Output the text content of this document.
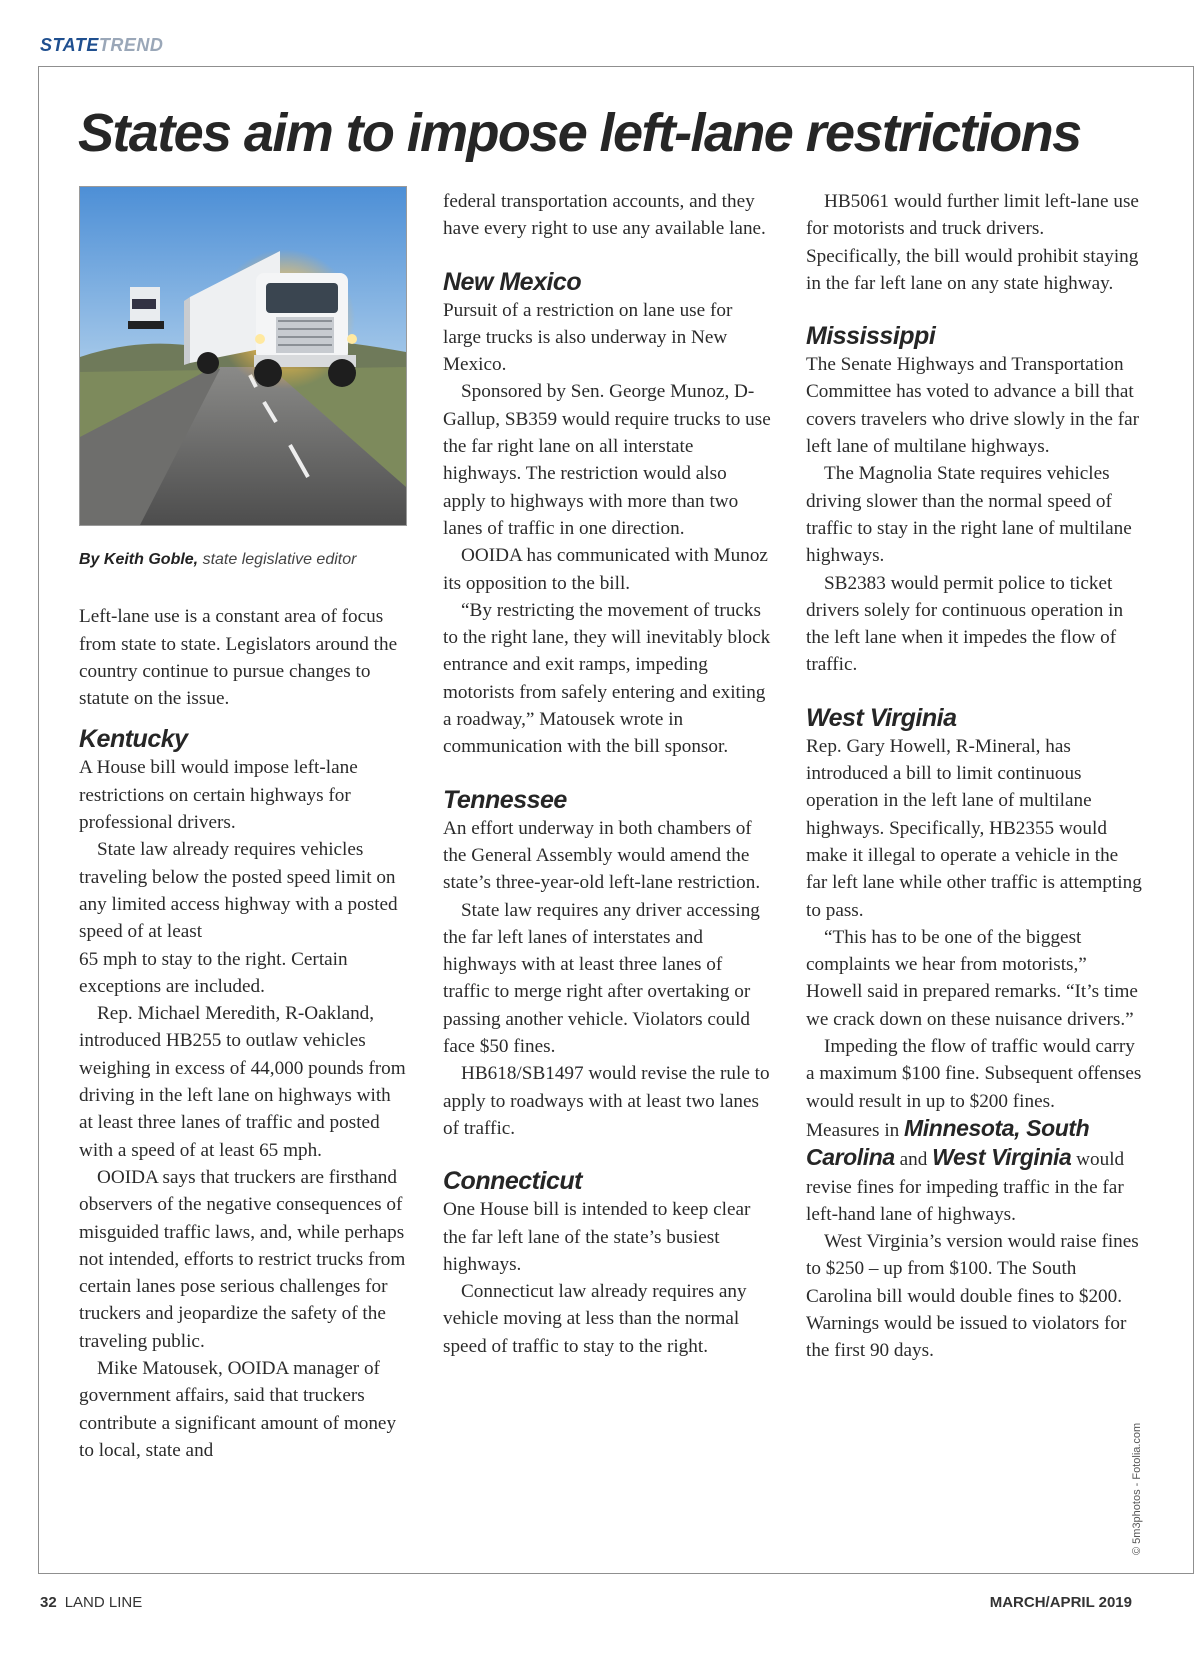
STATETREND
States aim to impose left-lane restrictions
By Keith Goble, state legislative editor

Left-lane use is a constant area of focus from state to state. Legislators around the country continue to pursue changes to statute on the issue.

Kentucky

A House bill would impose left-lane restrictions on certain highways for professional drivers.

State law already requires vehicles traveling below the posted speed limit on any limited access highway with a posted speed of at least
65 mph to stay to the right. Certain exceptions are included.

Rep. Michael Meredith, R-Oakland, introduced HB255 to outlaw vehicles weighing in excess of 44,000 pounds from driving in the left lane on highways with at least three lanes of traffic and posted with a speed of at least 65 mph.

OOIDA says that truckers are firsthand observers of the negative consequences of misguided traffic laws, and, while perhaps not intended, efforts to restrict trucks from certain lanes pose serious challenges for truckers and jeopardize the safety of the traveling public.

Mike Matousek, OOIDA manager of government affairs, said that truckers contribute a significant amount of money to local, state and

federal transportation accounts, and they have every right to use any available lane.

New Mexico

Pursuit of a restriction on lane use for large trucks is also underway in New Mexico.

Sponsored by Sen. George Munoz, D-Gallup, SB359 would require trucks to use the far right lane on all interstate highways. The restriction would also apply to highways with more than two lanes of traffic in one direction.

OOIDA has communicated with Munoz its opposition to the bill.

“By restricting the movement of trucks to the right lane, they will inevitably block entrance and exit ramps, impeding motorists from safely entering and exiting a roadway,” Matousek wrote in communication with the bill sponsor.

Tennessee

An effort underway in both chambers of the General Assembly would amend the state’s three-year-old left-lane restriction.

State law requires any driver accessing the far left lanes of interstates and highways with at least three lanes of traffic to merge right after overtaking or passing another vehicle. Violators could face $50 fines.

HB618/SB1497 would revise the rule to apply to roadways with at least two lanes of traffic.

Connecticut

One House bill is intended to keep clear the far left lane of the state’s busiest highways.

Connecticut law already requires any vehicle moving at less than the normal speed of traffic to stay to the right.

HB5061 would further limit left-lane use for motorists and truck drivers. Specifically, the bill would prohibit staying in the far left lane on any state highway.

Mississippi

The Senate Highways and Transportation Committee has voted to advance a bill that covers travelers who drive slowly in the far left lane of multilane highways.

The Magnolia State requires vehicles driving slower than the normal speed of traffic to stay in the right lane of multilane highways.

SB2383 would permit police to ticket drivers solely for continuous operation in the left lane when it impedes the flow of traffic.

West Virginia

Rep. Gary Howell, R-Mineral, has introduced a bill to limit continuous operation in the left lane of multilane highways. Specifically, HB2355 would make it illegal to operate a vehicle in the far left lane while other traffic is attempting to pass.

“This has to be one of the biggest complaints we hear from motorists,” Howell said in prepared remarks. “It’s time we crack down on these nuisance drivers.”

Impeding the flow of traffic would carry a maximum $100 fine. Subsequent offenses would result in up to $200 fines.

Measures in Minnesota, South Carolina and West Virginia would revise fines for impeding traffic in the far left-hand lane of highways.

West Virginia’s version would raise fines to $250 – up from $100. The South Carolina bill would double fines to $200. Warnings would be issued to violators for the first 90 days.

© 5m3photos - Fotolia.com
32 LAND LINE	MARCH/APRIL 2019
